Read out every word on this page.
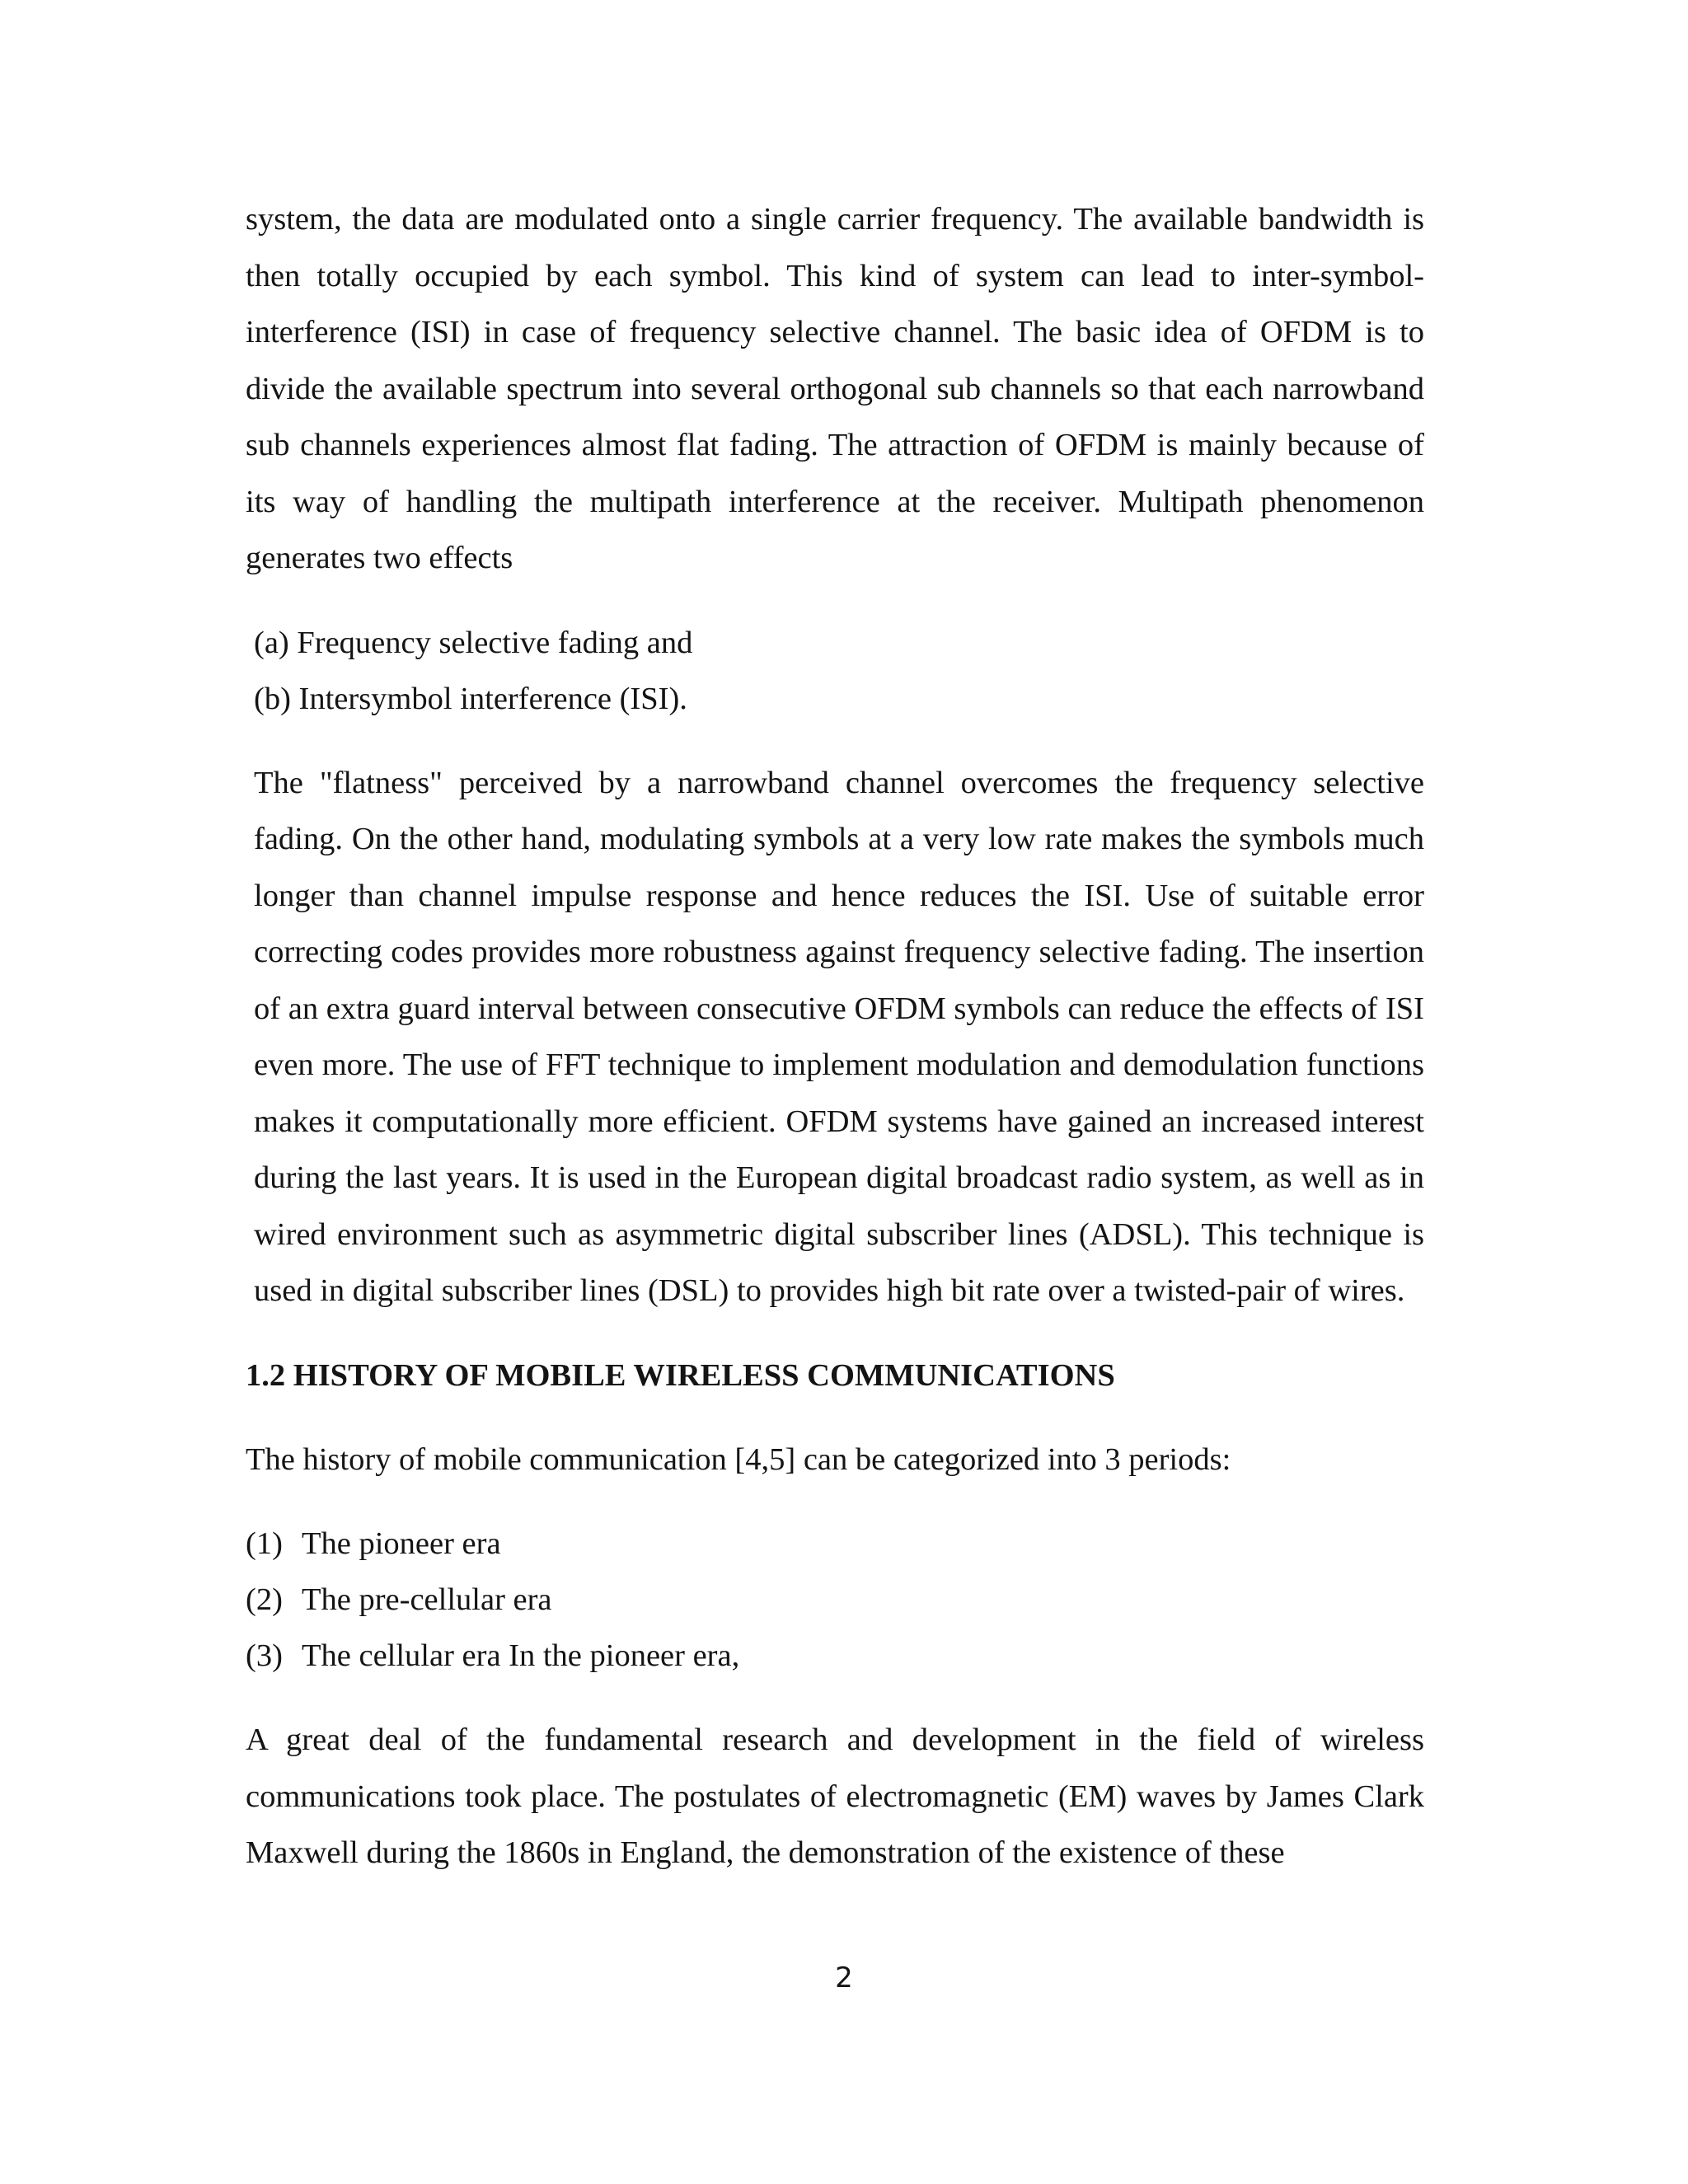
system, the data are modulated onto a single carrier frequency. The available bandwidth is then totally occupied by each symbol. This kind of system can lead to inter-symbol-interference (ISI) in case of frequency selective channel. The basic idea of OFDM is to divide the available spectrum into several orthogonal sub channels so that each narrowband sub channels experiences almost flat fading. The attraction of OFDM is mainly because of its way of handling the multipath interference at the receiver. Multipath phenomenon generates two effects

(a) Frequency selective fading and
(b) Intersymbol interference (ISI).

The "flatness" perceived by a narrowband channel overcomes the frequency selective fading. On the other hand, modulating symbols at a very low rate makes the symbols much longer than channel impulse response and hence reduces the ISI. Use of suitable error correcting codes provides more robustness against frequency selective fading. The insertion of an extra guard interval between consecutive OFDM symbols can reduce the effects of ISI even more. The use of FFT technique to implement modulation and demodulation functions makes it computationally more efficient. OFDM systems have gained an increased interest during the last years. It is used in the European digital broadcast radio system, as well as in wired environment such as asymmetric digital subscriber lines (ADSL). This technique is used in digital subscriber lines (DSL) to provides high bit rate over a twisted-pair of wires.

1.2 HISTORY OF MOBILE WIRELESS COMMUNICATIONS

The history of mobile communication [4,5] can be categorized into 3 periods:

(1) The pioneer era
(2) The pre-cellular era
(3) The cellular era In the pioneer era,

A great deal of the fundamental research and development in the field of wireless communications took place. The postulates of electromagnetic (EM) waves by James Clark Maxwell during the 1860s in England, the demonstration of the existence of these

2
